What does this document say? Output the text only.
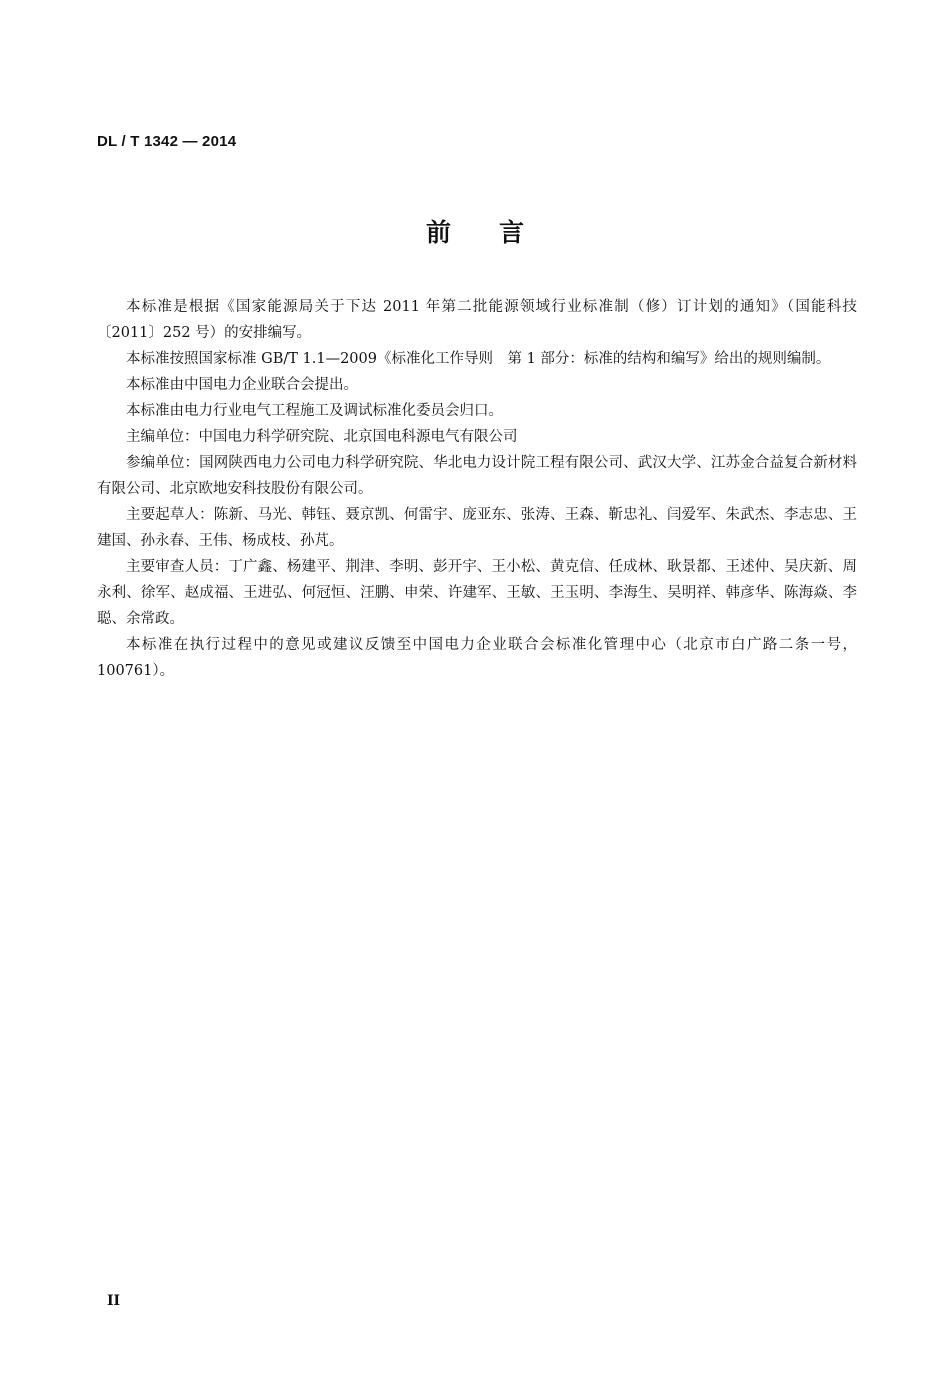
DL / T 1342 — 2014
前言

本标准是根据《国家能源局关于下达 2011 年第二批能源领域行业标准制（修）订计划的通知》（国能科技〔2011〕252 号）的安排编写。

本标准按照国家标准 GB/T 1.1—2009《标准化工作导则　第 1 部分：标准的结构和编写》给出的规则编制。

本标准由中国电力企业联合会提出。

本标准由电力行业电气工程施工及调试标准化委员会归口。

主编单位：中国电力科学研究院、北京国电科源电气有限公司

参编单位：国网陕西电力公司电力科学研究院、华北电力设计院工程有限公司、武汉大学、江苏金合益复合新材料有限公司、北京欧地安科技股份有限公司。

主要起草人：陈新、马光、韩钰、聂京凯、何雷宇、庞亚东、张涛、王森、靳忠礼、闫爱军、朱武杰、李志忠、王建国、孙永春、王伟、杨成枝、孙芃。

主要审查人员：丁广鑫、杨建平、荆津、李明、彭开宇、王小松、黄克信、任成林、耿景都、王述仲、吴庆新、周永利、徐军、赵成福、王进弘、何冠恒、汪鹏、申荣、许建军、王敏、王玉明、李海生、吴明祥、韩彦华、陈海焱、李聪、余常政。

本标准在执行过程中的意见或建议反馈至中国电力企业联合会标准化管理中心（北京市白广路二条一号，100761）。

II
